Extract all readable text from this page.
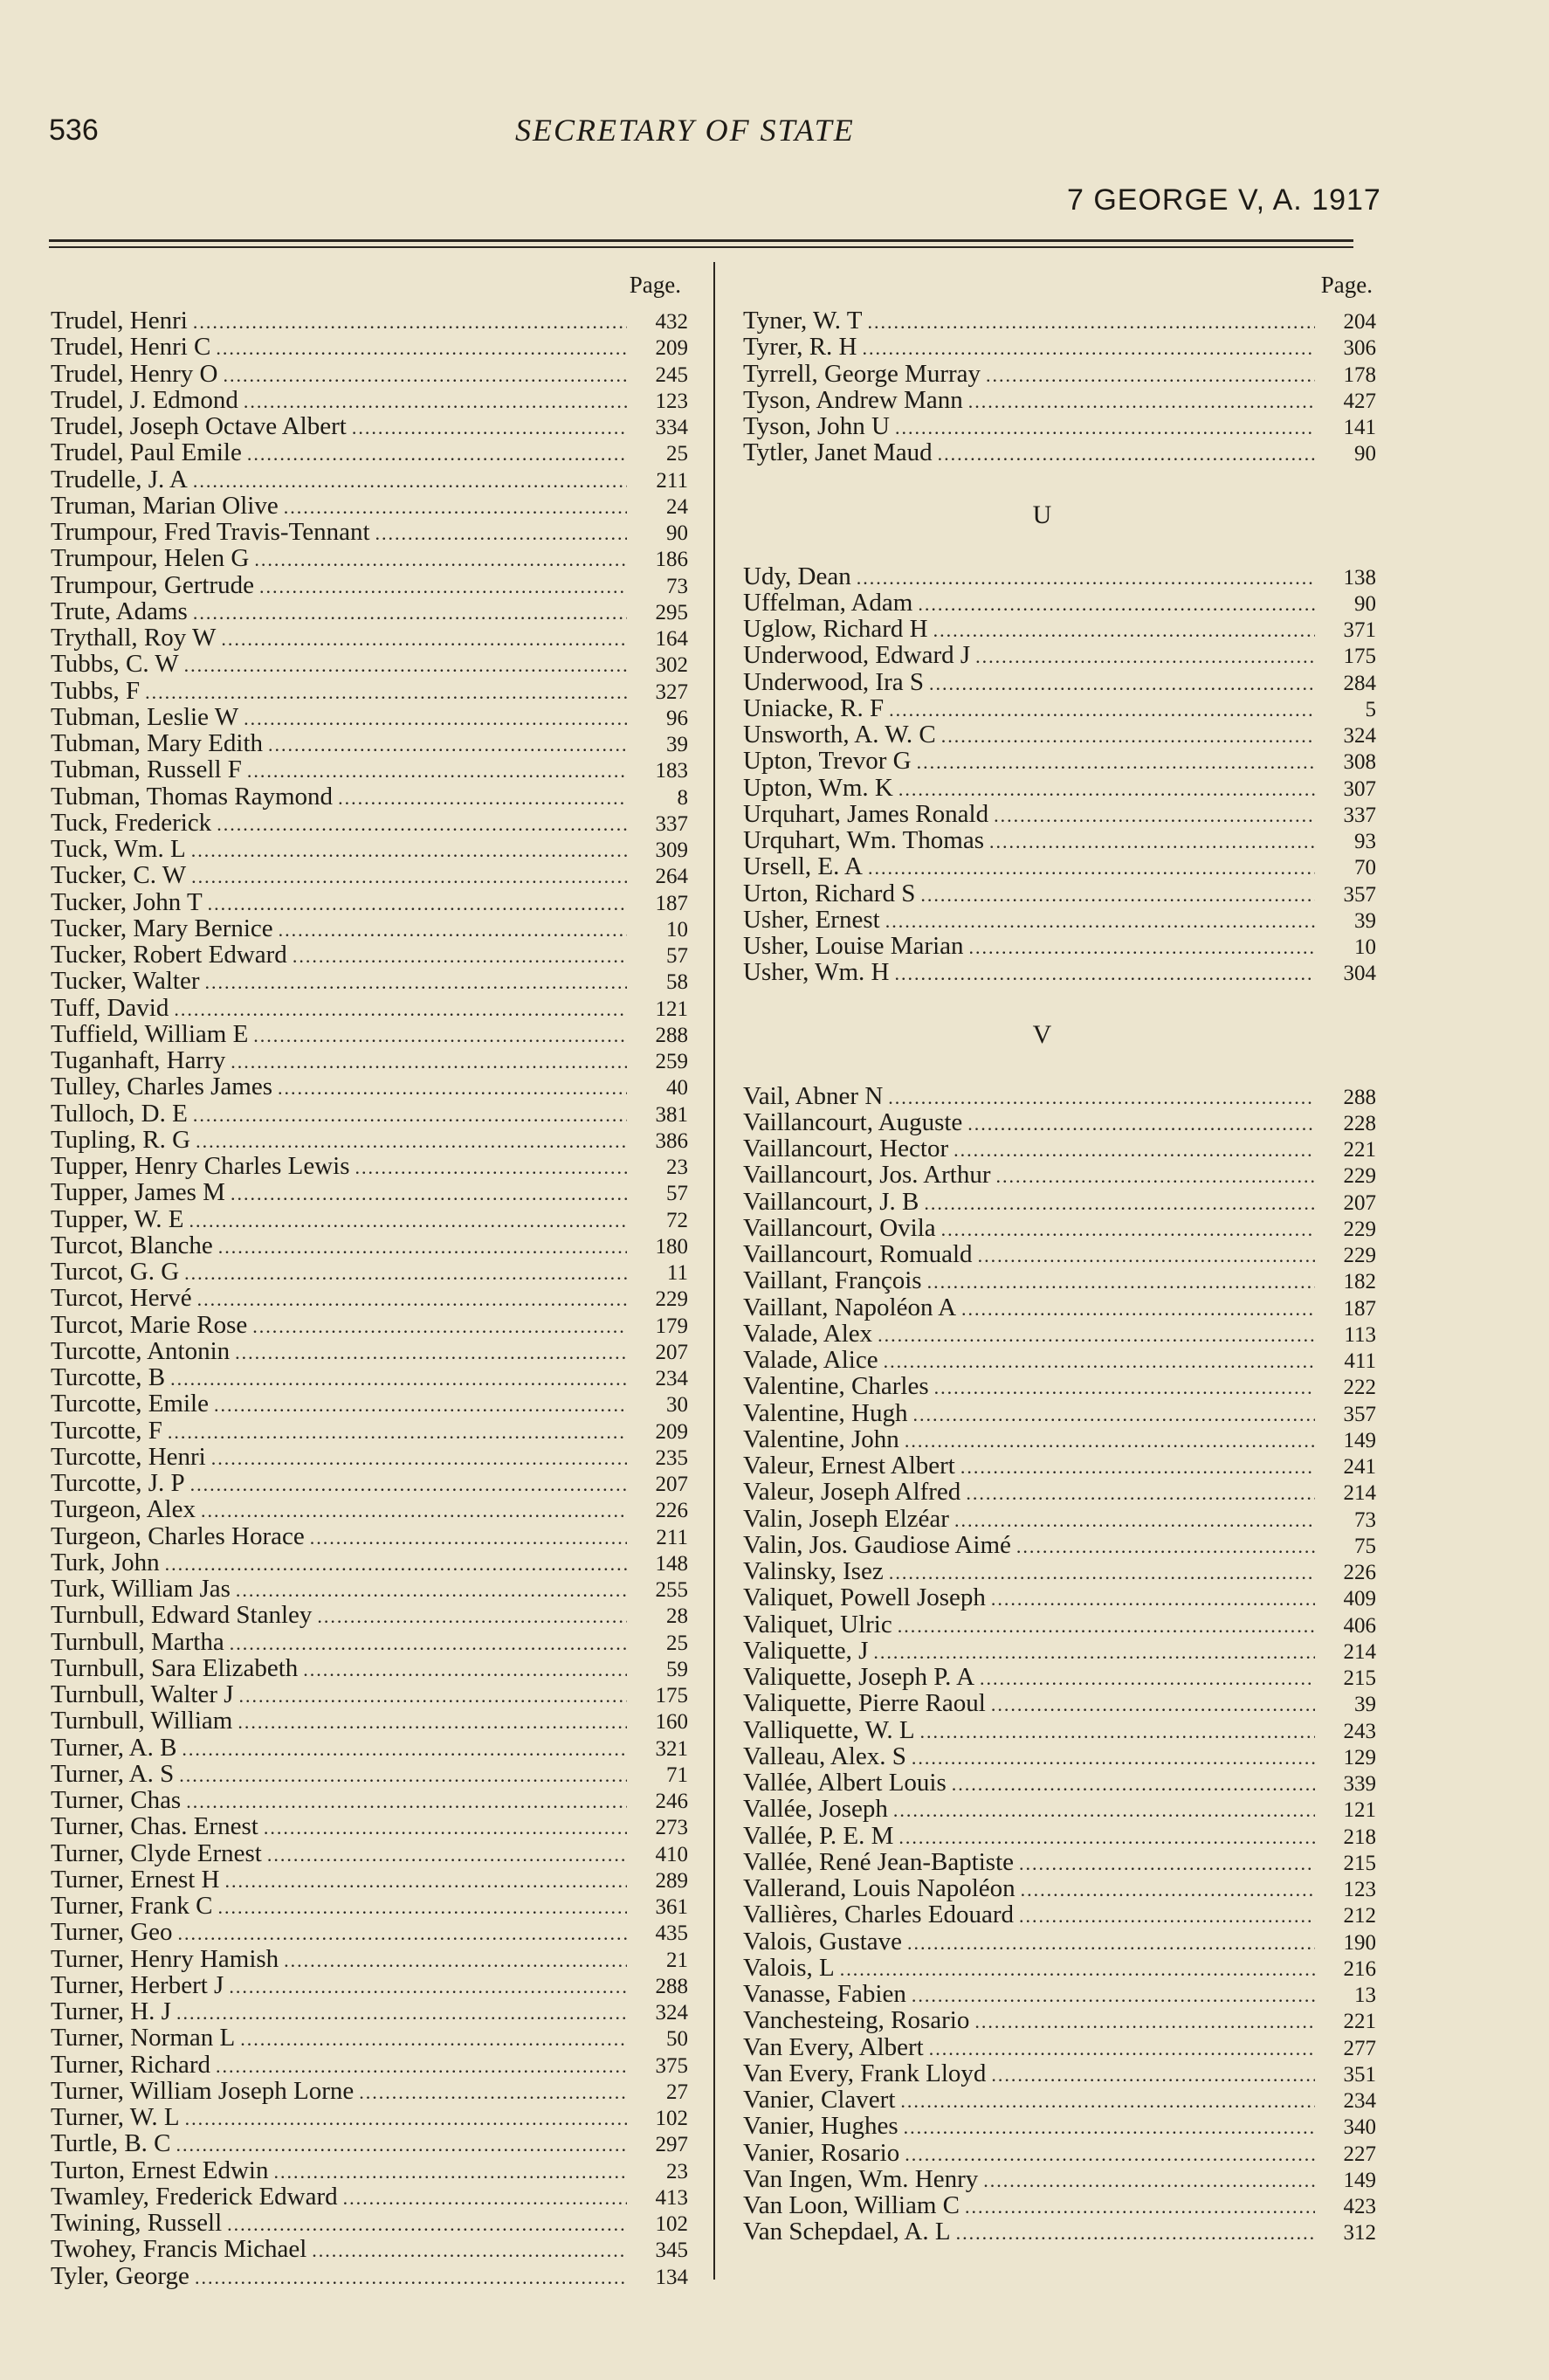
536	SECRETARY OF STATE
7 GEORGE V, A. 1917
Page.
Trudel, Henri .....	432
Trudel, Henri C .....	209
Trudel, Henry O .....	245
Trudel, J. Edmond .....	123
Trudel, Joseph Octave Albert .....	334
Trudel, Paul Emile .....	25
Trudelle, J. A .....	211
Truman, Marian Olive .....	24
Trumpour, Fred Travis-Tennant .....	90
Trumpour, Helen G .....	186
Trumpour, Gertrude .....	73
Trute, Adams .....	295
Trythall, Roy W .....	164
Tubbs, C. W .....	302
Tubbs, F .....	327
Tubman, Leslie W .....	96
Tubman, Mary Edith .....	39
Tubman, Russell F .....	183
Tubman, Thomas Raymond .....	8
Tuck, Frederick .....	337
Tuck, Wm. L .....	309
Tucker, C. W .....	264
Tucker, John T .....	187
Tucker, Mary Bernice .....	10
Tucker, Robert Edward .....	57
Tucker, Walter .....	58
Tuff, David .....	121
Tuffield, William E .....	288
Tuganhaft, Harry .....	259
Tulley, Charles James .....	40
Tulloch, D. E .....	381
Tupling, R. G .....	386
Tupper, Henry Charles Lewis .....	23
Tupper, James M .....	57
Tupper, W. E .....	72
Turcot, Blanche .....	180
Turcot, G. G .....	11
Turcot, Hervé .....	229
Turcot, Marie Rose .....	179
Turcotte, Antonin .....	207
Turcotte, B .....	234
Turcotte, Emile .....	30
Turcotte, F .....	209
Turcotte, Henri .....	235
Turcotte, J. P .....	207
Turgeon, Alex .....	226
Turgeon, Charles Horace .....	211
Turk, John .....	148
Turk, William Jas .....	255
Turnbull, Edward Stanley .....	28
Turnbull, Martha .....	25
Turnbull, Sara Elizabeth .....	59
Turnbull, Walter J .....	175
Turnbull, William .....	160
Turner, A. B .....	321
Turner, A. S .....	71
Turner, Chas .....	246
Turner, Chas. Ernest .....	273
Turner, Clyde Ernest .....	410
Turner, Ernest H .....	289
Turner, Frank C .....	361
Turner, Geo .....	435
Turner, Henry Hamish .....	21
Turner, Herbert J .....	288
Turner, H. J .....	324
Turner, Norman L .....	50
Turner, Richard .....	375
Turner, William Joseph Lorne .....	27
Turner, W. L .....	102
Turtle, B. C .....	297
Turton, Ernest Edwin .....	23
Twamley, Frederick Edward .....	413
Twining, Russell .....	102
Twohey, Francis Michael .....	345
Tyler, George .....	134
Page.
Tyner, W. T .....	204
Tyrer, R. H .....	306
Tyrrell, George Murray .....	178
Tyson, Andrew Mann .....	427
Tyson, John U .....	141
Tytler, Janet Maud .....	90
U
Udy, Dean .....	138
Uffelman, Adam .....	90
Uglow, Richard H .....	371
Underwood, Edward J .....	175
Underwood, Ira S .....	284
Uniacke, R. F .....	5
Unsworth, A. W. C .....	324
Upton, Trevor G .....	308
Upton, Wm. K .....	307
Urquhart, James Ronald .....	337
Urquhart, Wm. Thomas .....	93
Ursell, E. A .....	70
Urton, Richard S .....	357
Usher, Ernest .....	39
Usher, Louise Marian .....	10
Usher, Wm. H .....	304
V
Vail, Abner N .....	288
Vaillancourt, Auguste .....	228
Vaillancourt, Hector .....	221
Vaillancourt, Jos. Arthur .....	229
Vaillancourt, J. B .....	207
Vaillancourt, Ovila .....	229
Vaillancourt, Romuald .....	229
Vaillant, François .....	182
Vaillant, Napoléon A .....	187
Valade, Alex .....	113
Valade, Alice .....	411
Valentine, Charles .....	222
Valentine, Hugh .....	357
Valentine, John .....	149
Valeur, Ernest Albert .....	241
Valeur, Joseph Alfred .....	214
Valin, Joseph Elzéar .....	73
Valin, Jos. Gaudiose Aimé .....	75
Valinsky, Isez .....	226
Valiquet, Powell Joseph .....	409
Valiquet, Ulric .....	406
Valiquette, J .....	214
Valiquette, Joseph P. A .....	215
Valiquette, Pierre Raoul .....	39
Valliquette, W. L .....	243
Valleau, Alex. S .....	129
Vallée, Albert Louis .....	339
Vallée, Joseph .....	121
Vallée, P. E. M .....	218
Vallée, René Jean-Baptiste .....	215
Vallerand, Louis Napoléon .....	123
Vallières, Charles Edouard .....	212
Valois, Gustave .....	190
Valois, L .....	216
Vanasse, Fabien .....	13
Vanchesteing, Rosario .....	221
Van Every, Albert .....	277
Van Every, Frank Lloyd .....	351
Vanier, Clavert .....	234
Vanier, Hughes .....	340
Vanier, Rosario .....	227
Van Ingen, Wm. Henry .....	149
Van Loon, William C .....	423
Van Schepdael, A. L .....	312
